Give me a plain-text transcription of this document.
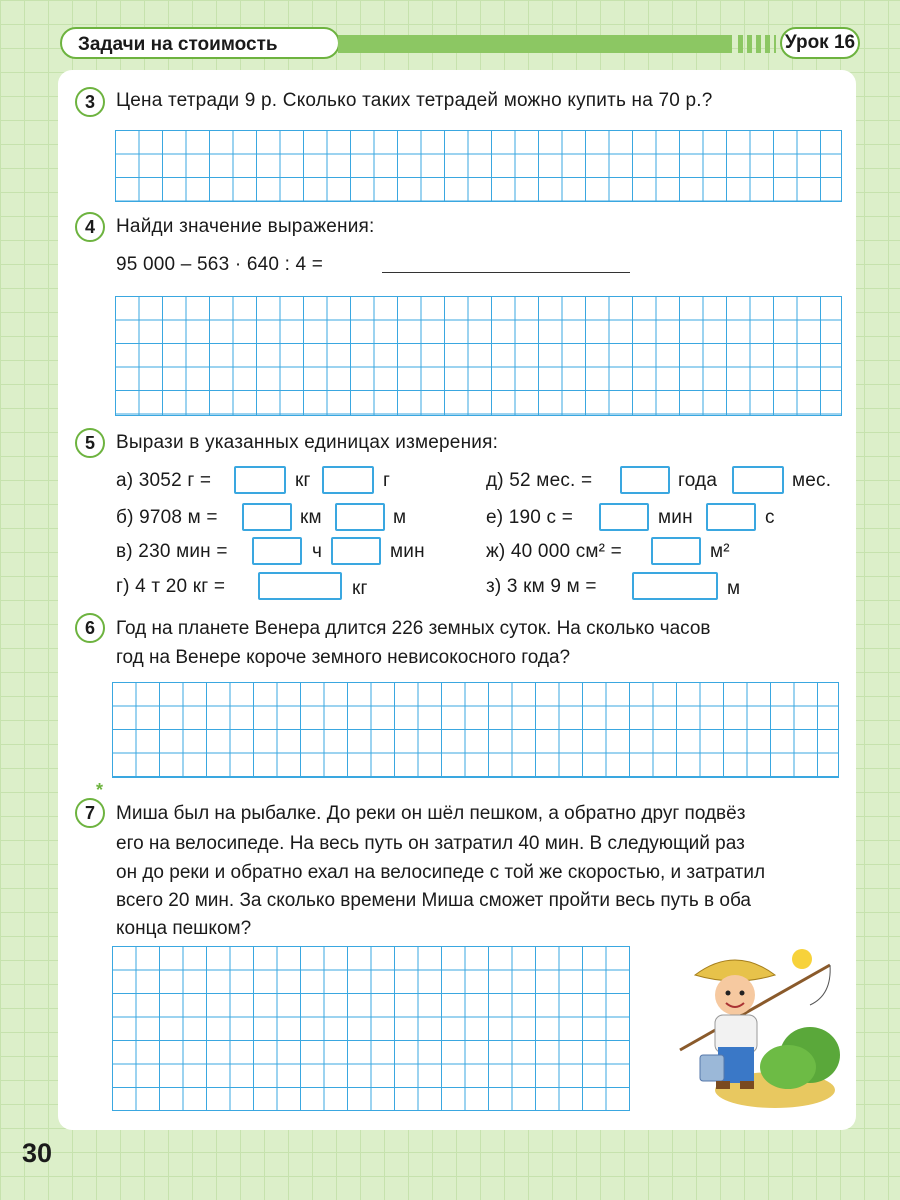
Задачи на стоимость	Урок 16
3	Цена тетради 9 р. Сколько таких тетрадей можно купить на 70 р.?
4	Найди значение выражения:
95 000 – 563 · 640 : 4 =
5	Вырази в указанных единицах измерения:
а) 3052 г =	кг	г
б) 9708 м =	км	м
в) 230 мин =	ч	мин
г) 4 т 20 кг =	кг
д) 52 мес. =	года	мес.
е) 190 с =	мин	с
ж) 40 000 см² =	м²
з) 3 км 9 м =	м
6	Год на планете Венера длится 226 земных суток. На сколько часов
год на Венере короче земного невисокосного года?
*
7	Миша был на рыбалке. До реки он шёл пешком, а обратно друг подвёз
его на велосипеде. На весь путь он затратил 40 мин. В следующий раз
он до реки и обратно ехал на велосипеде с той же скоростью, и затратил
всего 20 мин. За сколько времени Миша сможет пройти весь путь в оба
конца пешком?
30
